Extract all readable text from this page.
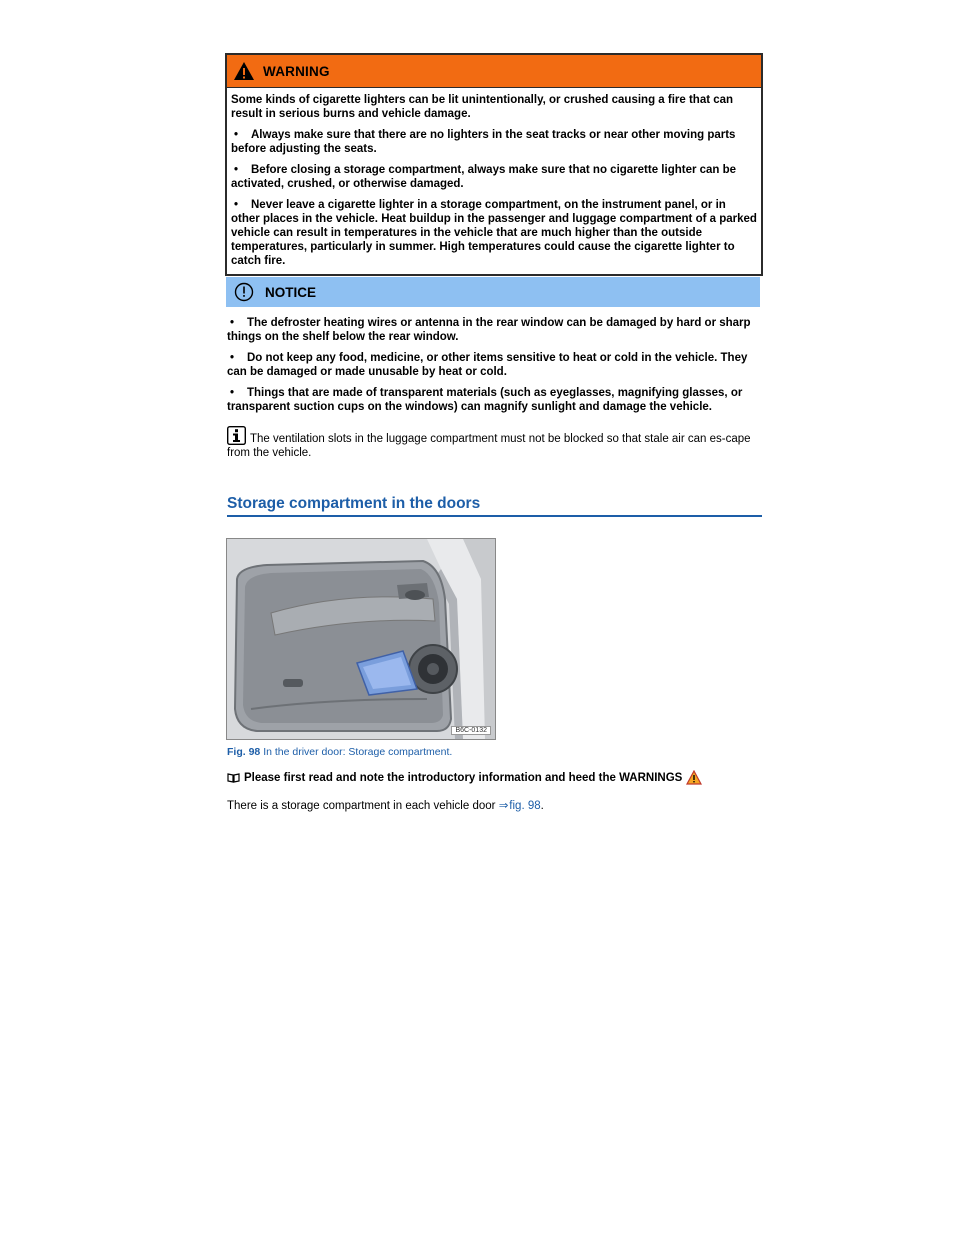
WARNING

Some kinds of cigarette lighters can be lit unintentionally, or crushed causing a fire that can result in serious burns and vehicle damage.

• Always make sure that there are no lighters in the seat tracks or near other moving parts before adjusting the seats.

• Before closing a storage compartment, always make sure that no cigarette lighter can be activated, crushed, or otherwise damaged.

• Never leave a cigarette lighter in a storage compartment, on the instrument panel, or in other places in the vehicle. Heat buildup in the passenger and luggage compartment of a parked vehicle can result in temperatures in the vehicle that are much higher than the outside temperatures, particularly in summer. High temperatures could cause the cigarette lighter to catch fire.

NOTICE

• The defroster heating wires or antenna in the rear window can be damaged by hard or sharp things on the shelf below the rear window.

• Do not keep any food, medicine, or other items sensitive to heat or cold in the vehicle. They can be damaged or made unusable by heat or cold.

• Things that are made of transparent materials (such as eyeglasses, magnifying glasses, or transparent suction cups on the windows) can magnify sunlight and damage the vehicle.

The ventilation slots in the luggage compartment must not be blocked so that stale air can es-cape from the vehicle.
Storage compartment in the doors
B6C-0132
Fig. 98 In the driver door: Storage compartment.
Please first read and note the introductory information and heed the WARNINGS
There is a storage compartment in each vehicle door ⇒ fig. 98.
